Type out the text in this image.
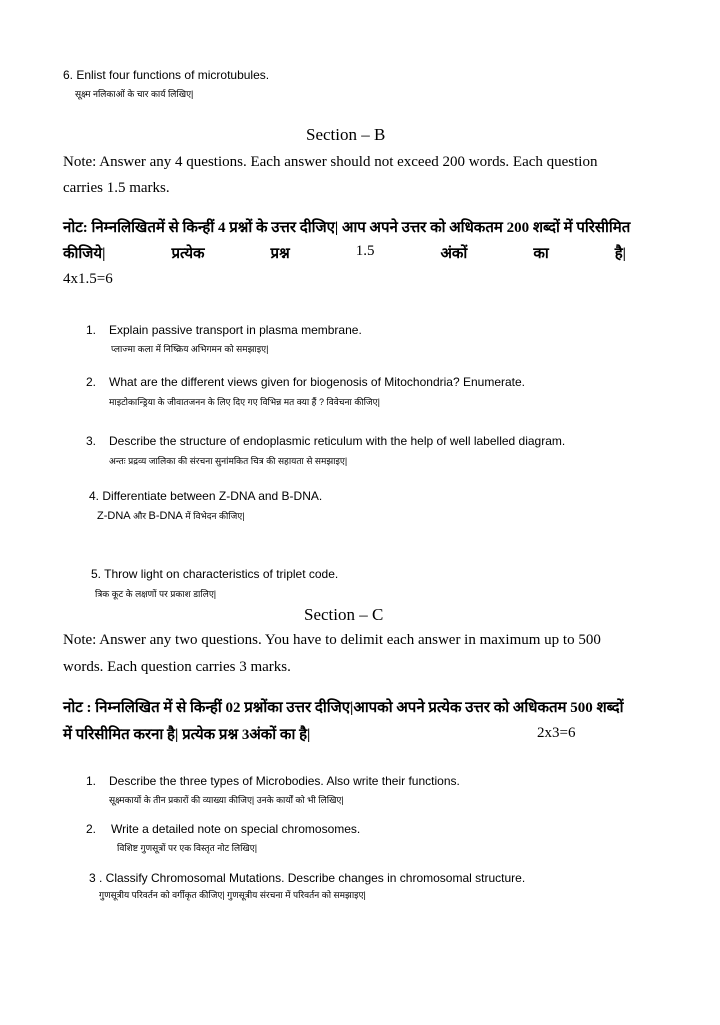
6. Enlist four functions of microtubules.
सूक्ष्म नलिकाओं के चार कार्य लिखिए|
Section – B
Note: Answer any 4 questions. Each answer should not exceed 200 words. Each question
carries 1.5 marks.
नोट: निम्नलिखितमें से किन्हीं 4 प्रश्नों के उत्तर दीजिए| आप अपने उत्तर को अधिकतम 200 शब्दों में परिसीमित
कीजिये|	प्रत्येक	प्रश्न	1.5	अंकों	का	है|
4x1.5=6
1. Explain passive transport in plasma membrane.
प्लाज्मा कला में निष्क्रिय अभिगमन को समझाइए|
2. What are the different views given for biogenosis of Mitochondria? Enumerate.
माइटोकान्ड्रिया के जीवातजनन के लिए दिए गए विभिन्न मत क्या हैं ? विवेचना कीजिए|
3. Describe the structure of endoplasmic reticulum with the help of well labelled diagram.
अन्तः प्रद्रव्य जालिका की संरचना सुनांमकित चित्र की सहायता से समझाइए|
4. Differentiate between Z-DNA and B-DNA.
Z-DNA और B-DNA में विभेदन कीजिए|
5. Throw light on characteristics of triplet code.
त्रिक कूट के लक्षणों पर प्रकाश डालिए|
Section – C
Note: Answer any two questions. You have to delimit each answer in maximum up to 500
words. Each question carries 3 marks.
नोट : निम्नलिखित में से किन्हीं 02 प्रश्नोंका उत्तर दीजिए|आपको अपने प्रत्येक उत्तर को अधिकतम 500 शब्दों
में परिसीमित करना है| प्रत्येक प्रश्न 3अंकों का है|	2x3=6
1. Describe the three types of Microbodies. Also write their functions.
सूक्ष्मकायों के तीन प्रकारों की व्याख्या कीजिए| उनके कार्यों को भी लिखिए|
2. Write a detailed note on special chromosomes.
विशिष्ट गुणसूत्रों पर एक विस्तृत नोट लिखिए|
3 . Classify Chromosomal Mutations. Describe changes in chromosomal structure.
गुणसूत्रीय परिवर्तन को वर्गीकृत कीजिए| गुणसूत्रीय संरचना में परिवर्तन को समझाइए|
